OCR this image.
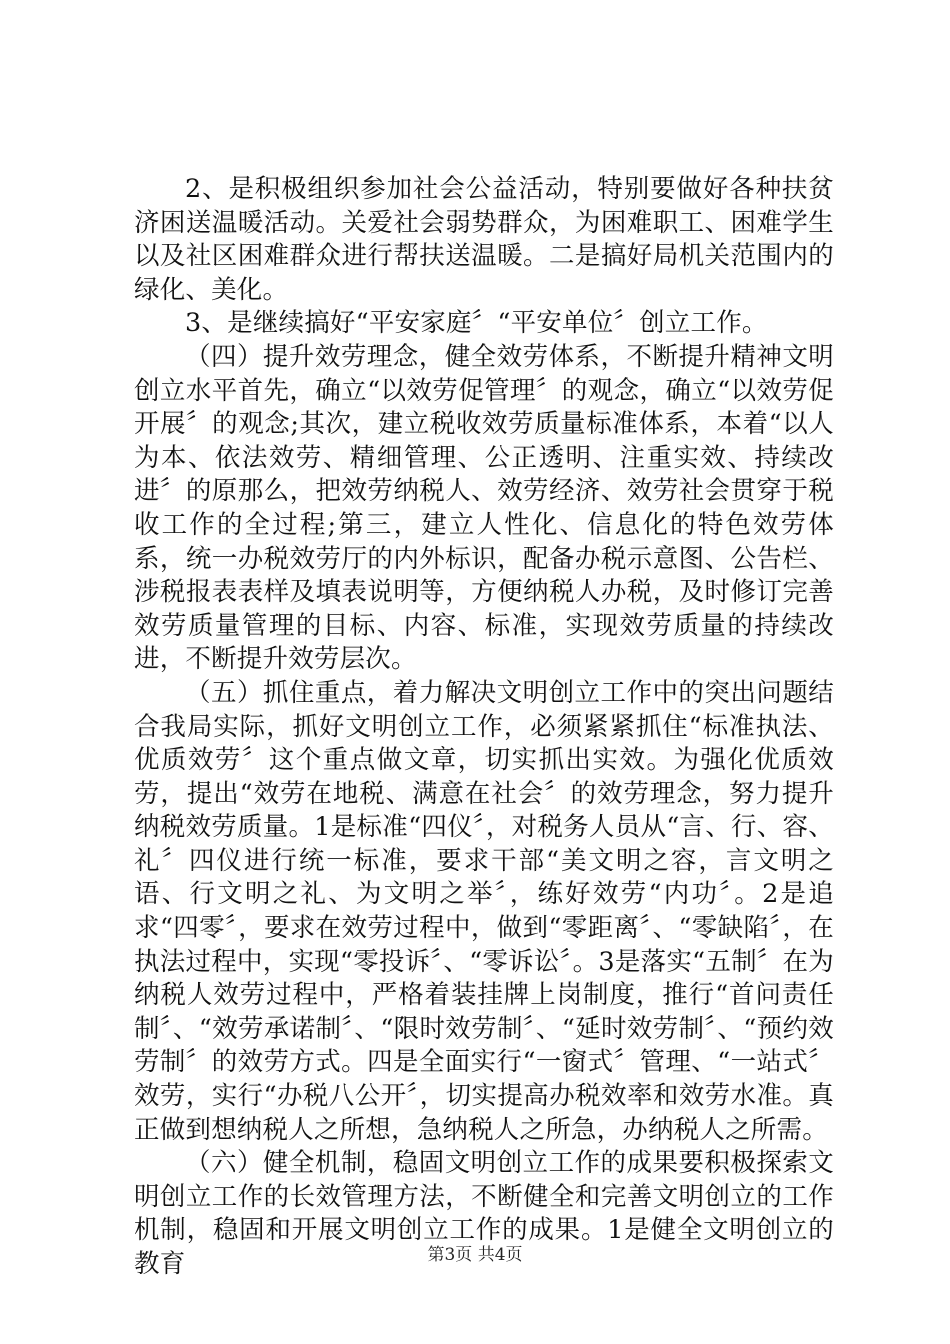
2、是积极组织参加社会公益活动，特别要做好各种扶贫济困送温暖活动。关爱社会弱势群众，为困难职工、困难学生以及社区困难群众进行帮扶送温暖。二是搞好局机关范围内的绿化、美化。

3、是继续搞好“平安家庭〞“平安单位〞创立工作。

（四）提升效劳理念，健全效劳体系，不断提升精神文明创立水平首先，确立“以效劳促管理〞的观念，确立“以效劳促开展〞的观念;其次，建立税收效劳质量标准体系，本着“以人为本、依法效劳、精细管理、公正透明、注重实效、持续改进〞的原那么，把效劳纳税人、效劳经济、效劳社会贯穿于税收工作的全过程;第三，建立人性化、信息化的特色效劳体系，统一办税效劳厅的内外标识，配备办税示意图、公告栏、涉税报表表样及填表说明等，方便纳税人办税，及时修订完善效劳质量管理的目标、内容、标准，实现效劳质量的持续改进，不断提升效劳层次。

（五）抓住重点，着力解决文明创立工作中的突出问题结合我局实际，抓好文明创立工作，必须紧紧抓住“标准执法、优质效劳〞这个重点做文章，切实抓出实效。为强化优质效劳，提出“效劳在地税、满意在社会〞的效劳理念，努力提升纳税效劳质量。1是标准“四仪〞，对税务人员从“言、行、容、礼〞四仪进行统一标准，要求干部“美文明之容，言文明之语、行文明之礼、为文明之举〞，练好效劳“内功〞。2是追求“四零〞，要求在效劳过程中，做到“零距离〞、“零缺陷〞，在执法过程中，实现“零投诉〞、“零诉讼〞。3是落实“五制〞在为纳税人效劳过程中，严格着装挂牌上岗制度，推行“首问责任制〞、“效劳承诺制〞、“限时效劳制〞、“延时效劳制〞、“预约效劳制〞的效劳方式。四是全面实行“一窗式〞管理、“一站式〞效劳，实行“办税八公开〞，切实提高办税效率和效劳水准。真正做到想纳税人之所想，急纳税人之所急，办纳税人之所需。

（六）健全机制，稳固文明创立工作的成果要积极探索文明创立工作的长效管理方法，不断健全和完善文明创立的工作机制，稳固和开展文明创立工作的成果。1是健全文明创立的教育	第3页 共4页
